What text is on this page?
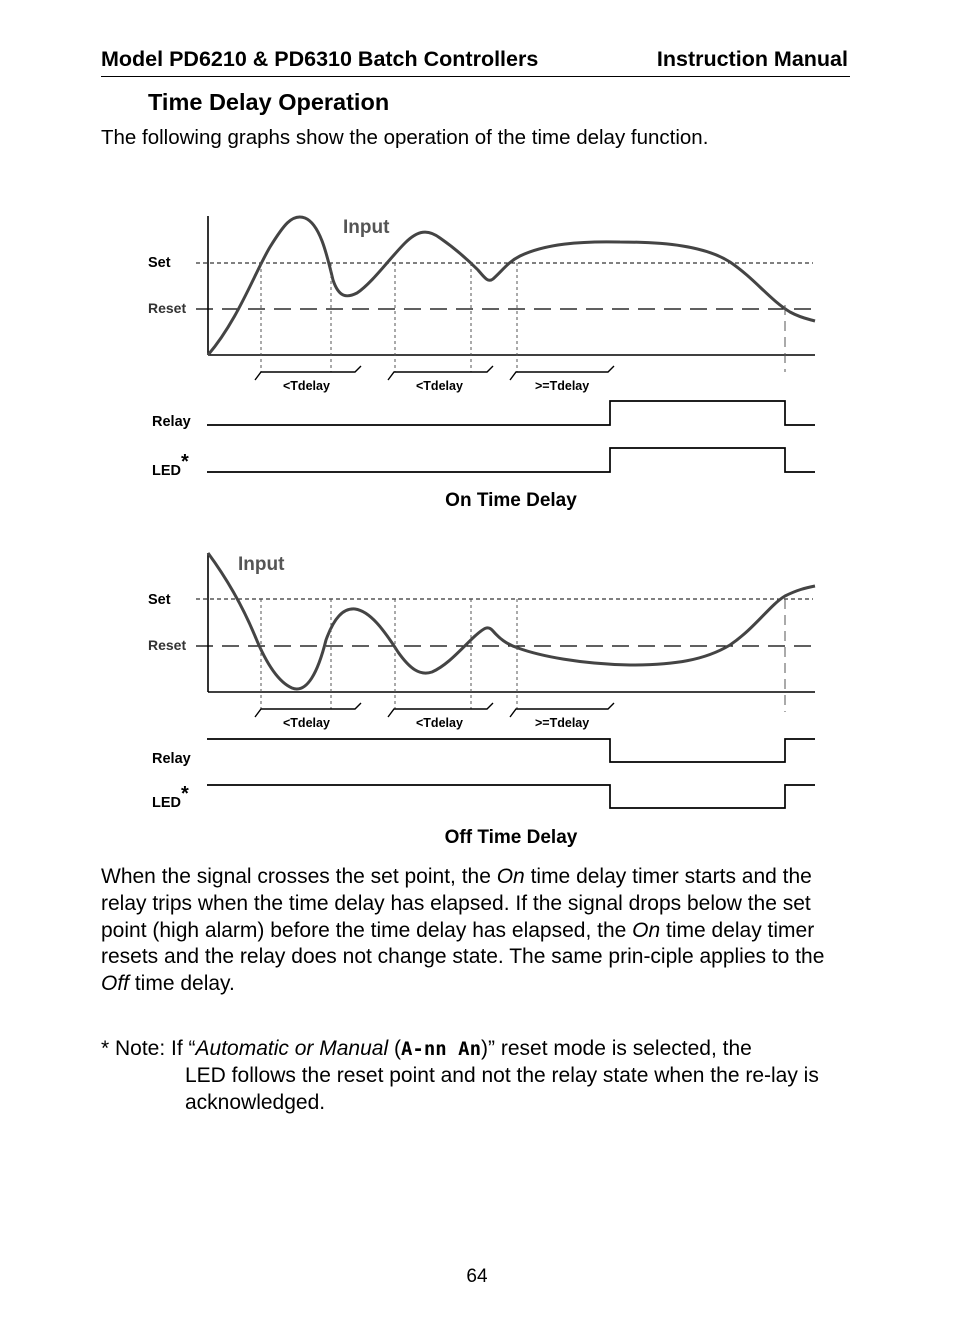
Model PD6210 & PD6310 Batch Controllers	Instruction Manual
Time Delay Operation
The following graphs show the operation of the time delay function.
Set
Reset
Input
<Tdelay	<Tdelay	>=Tdelay
Relay
LED*
On Time Delay
Set
Reset
Input
<Tdelay	<Tdelay	>=Tdelay
Relay
LED*
Off Time Delay
When the signal crosses the set point, the On time delay timer starts and the relay trips when the time delay has elapsed. If the signal drops below the set point (high alarm) before the time delay has elapsed, the On time delay timer resets and the relay does not change state. The same prin-ciple applies to the Off time delay.
* Note: If “Automatic or Manual (A-nn An)” reset mode is selected, the
LED follows the reset point and not the relay state when the re-lay is acknowledged.
64
